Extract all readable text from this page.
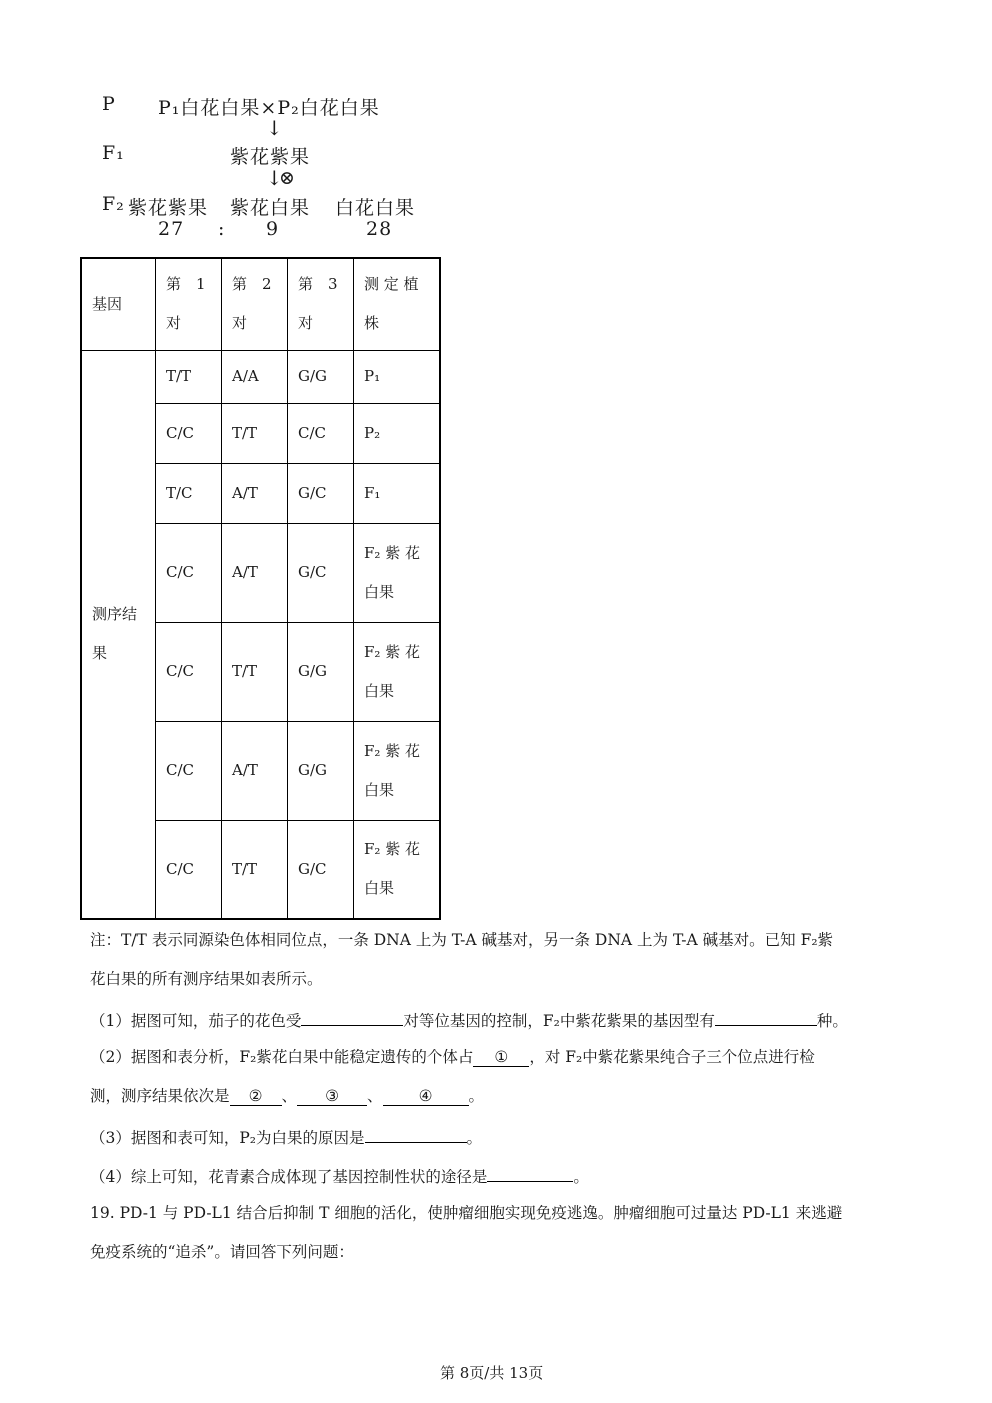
P P₁白花白果×P₂白花白果
↓
F₁	紫花紫果
↓
⊗
F₂ 紫花紫果 紫花白果 白花白果
27 : 9	28
基因	第　1 对	第　2 对	第　3 对	测 定 植 株
测序结果	T/T	A/A	G/G	P₁
	C/C	T/T	C/C	P₂
	T/C	A/T	G/C	F₁
	C/C	A/T	G/C	F₂ 紫 花 白果
	C/C	T/T	G/G	F₂ 紫 花 白果
	C/C	A/T	G/G	F₂ 紫 花 白果
	C/C	T/T	G/C	F₂ 紫 花 白果
注：T/T 表示同源染色体相同位点，一条 DNA 上为 T-A 碱基对，另一条 DNA 上为 T-A 碱基对。已知 F₂紫
花白果的所有测序结果如表所示。
（1）据图可知，茄子的花色受	对等位基因的控制，F₂中紫花紫果的基因型有	种。
（2）据图和表分析，F₂紫花白果中能稳定遗传的个体占 ① ，对 F₂中紫花紫果纯合子三个位点进行检
测，测序结果依次是 ② 、 ③ 、 ④ 。
（3）据图和表可知，P₂为白果的原因是	。
（4）综上可知，花青素合成体现了基因控制性状的途径是	。
19. PD-1 与 PD-L1 结合后抑制 T 细胞的活化，使肿瘤细胞实现免疫逃逸。肿瘤细胞可过量达 PD-L1 来逃避
免疫系统的“追杀”。请回答下列问题：
第 8页/共 13页
